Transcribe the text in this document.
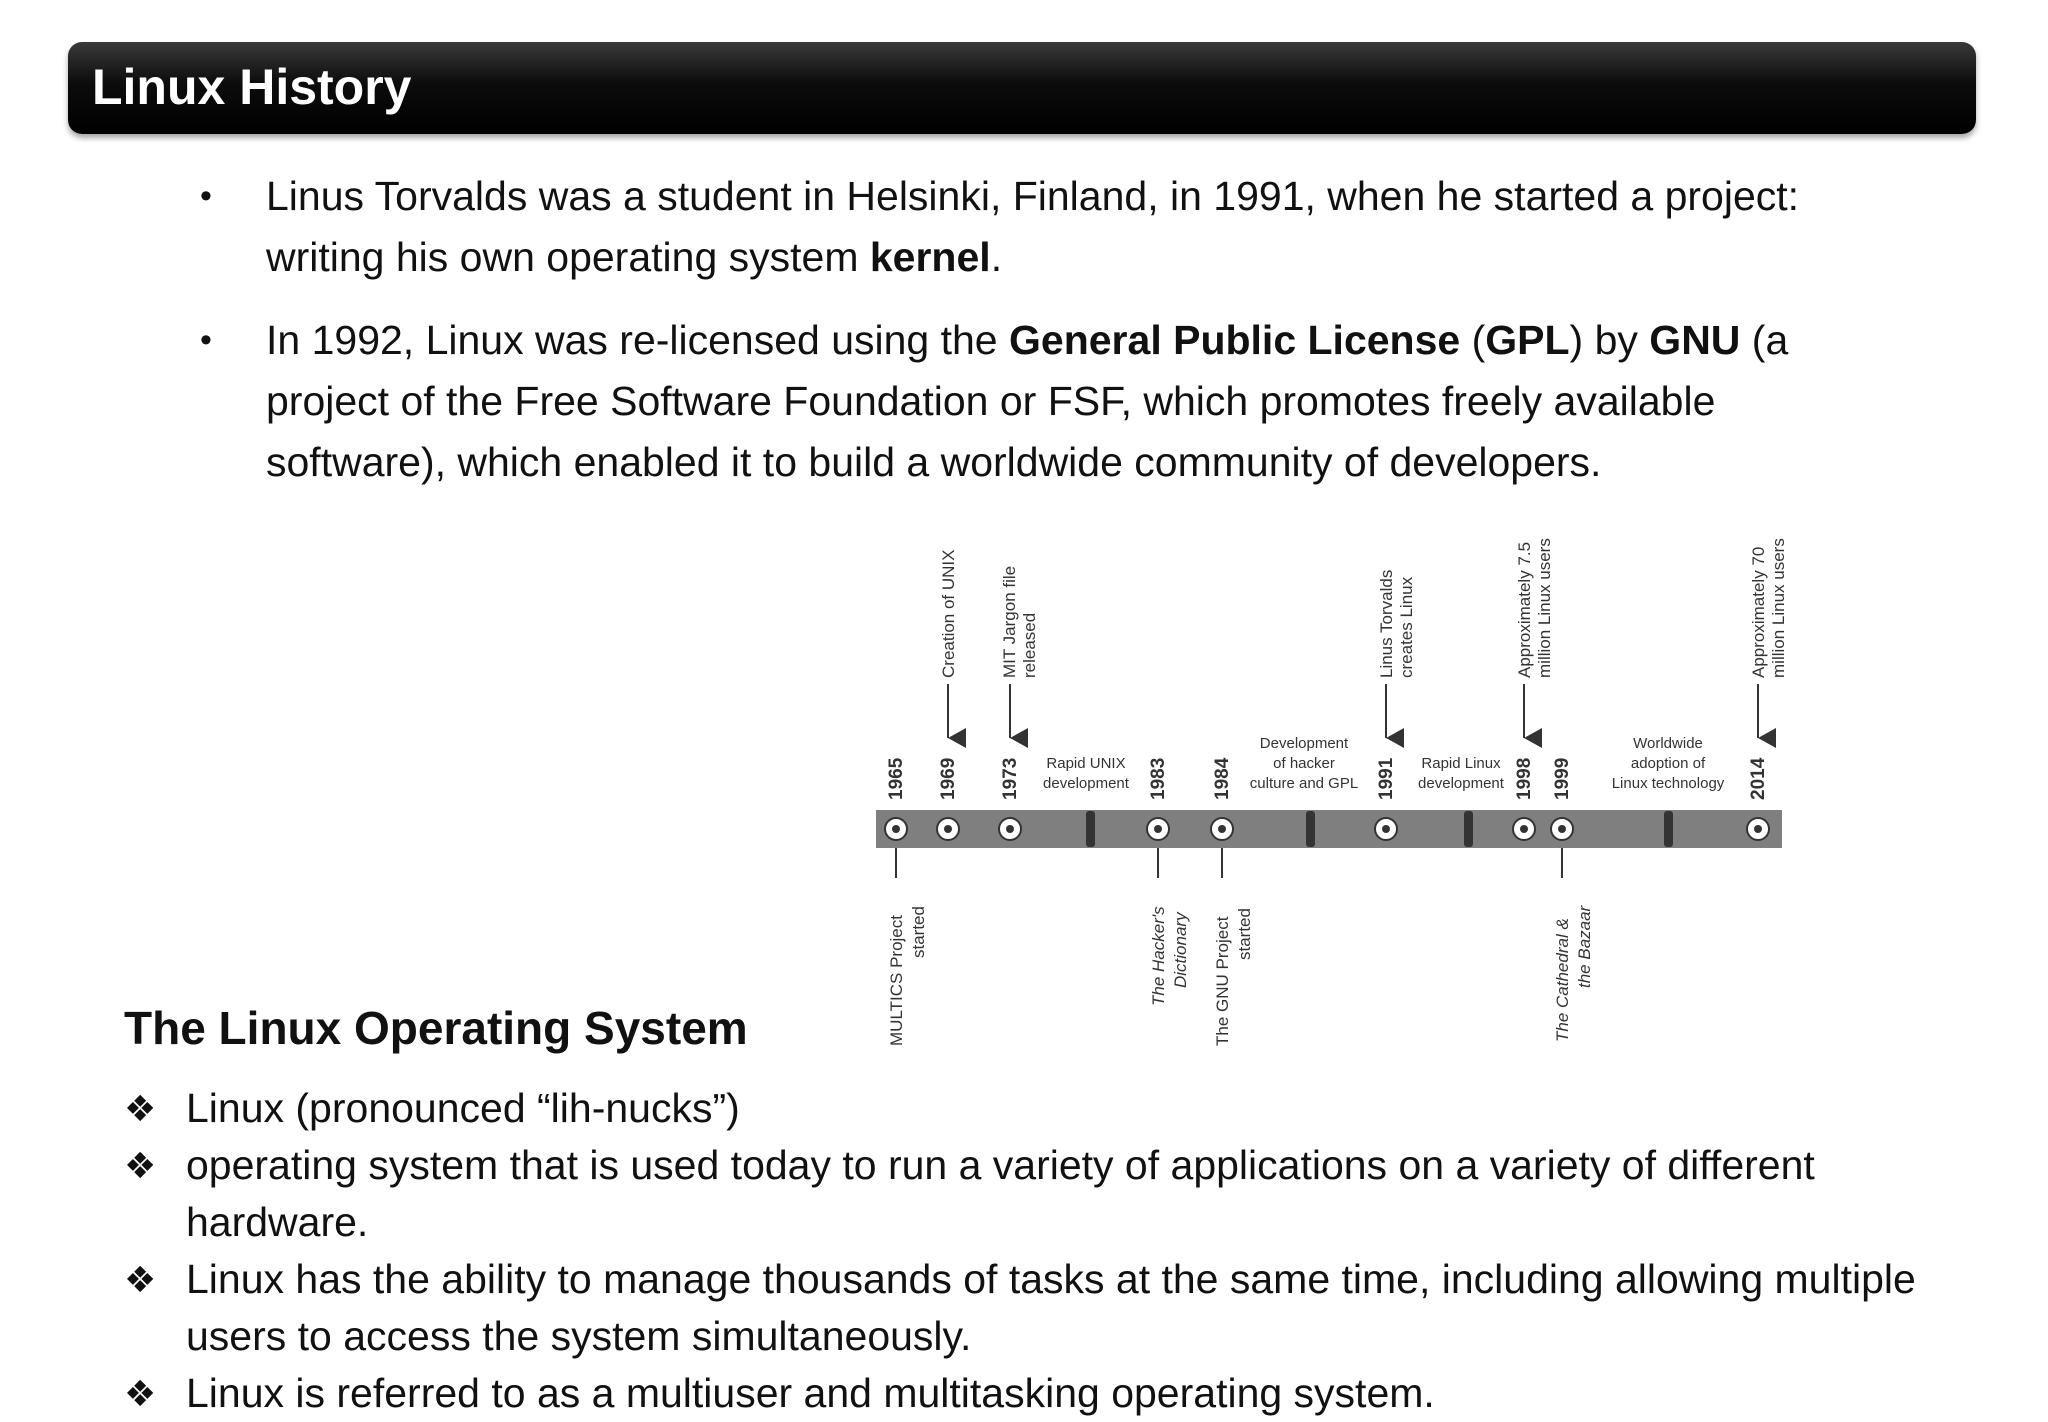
Linux History
• Linus Torvalds was a student in Helsinki, Finland, in 1991, when he started a project: writing his own operating system kernel.
• In 1992, Linux was re-licensed using the General Public License (GPL) by GNU (a project of the Free Software Foundation or FSF, which promotes freely available software), which enabled it to build a worldwide community of developers.
1965 1969 1973	1983 1984	1991	1998 1999	2014
Creation of UNIX MIT Jargon file released	Linus Torvalds creates Linux	Approximately 7.5 million Linux users	Approximately 70 million Linux users
Rapid UNIX
development
Development
of hacker
culture and GPL
Rapid Linux
development
Worldwide
adoption of
Linux technology
MULTICS Project started	The Hacker's Dictionary The GNU Project started	The Cathedral & the Bazaar
The Linux Operating System
❖ Linux (pronounced “lih-nucks”)
❖ operating system that is used today to run a variety of applications on a variety of different hardware.
❖ Linux has the ability to manage thousands of tasks at the same time, including allowing multiple users to access the system simultaneously.
❖ Linux is referred to as a multiuser and multitasking operating system.
